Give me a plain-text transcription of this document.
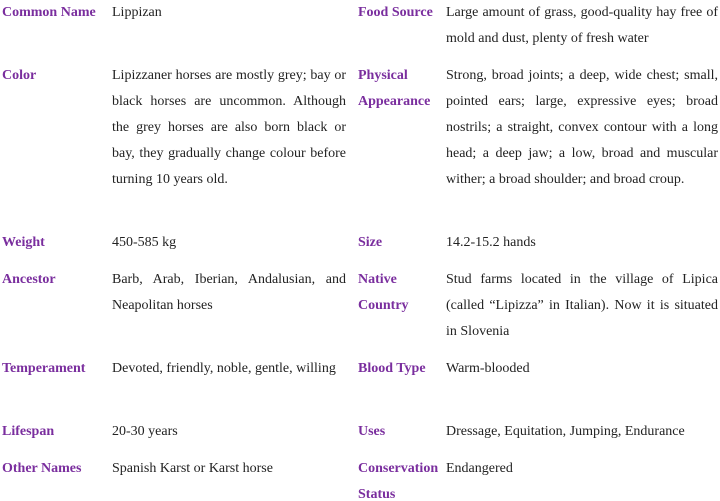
Common Name	Lippizan	Food Source	Large amount of grass, good-quality hay free of mold and dust, plenty of fresh water
Color	Lipizzaner horses are mostly grey; bay or black horses are uncommon. Although the grey horses are also born black or bay, they gradually change colour before turning 10 years old.	Physical Appearance	Strong, broad joints; a deep, wide chest; small, pointed ears; large, expressive eyes; broad nostrils; a straight, convex contour with a long head; a deep jaw; a low, broad and muscular wither; a broad shoulder; and broad croup.
Weight	450-585 kg	Size	14.2-15.2 hands
Ancestor	Barb, Arab, Iberian, Andalusian, and Neapolitan horses	Native Country	Stud farms located in the village of Lipica (called “Lipizza” in Italian). Now it is situated in Slovenia
Temperament	Devoted, friendly, noble, gentle, willing	Blood Type	Warm-blooded
Lifespan	20-30 years	Uses	Dressage, Equitation, Jumping, Endurance
Other Names	Spanish Karst or Karst horse	Conservation Status	Endangered
